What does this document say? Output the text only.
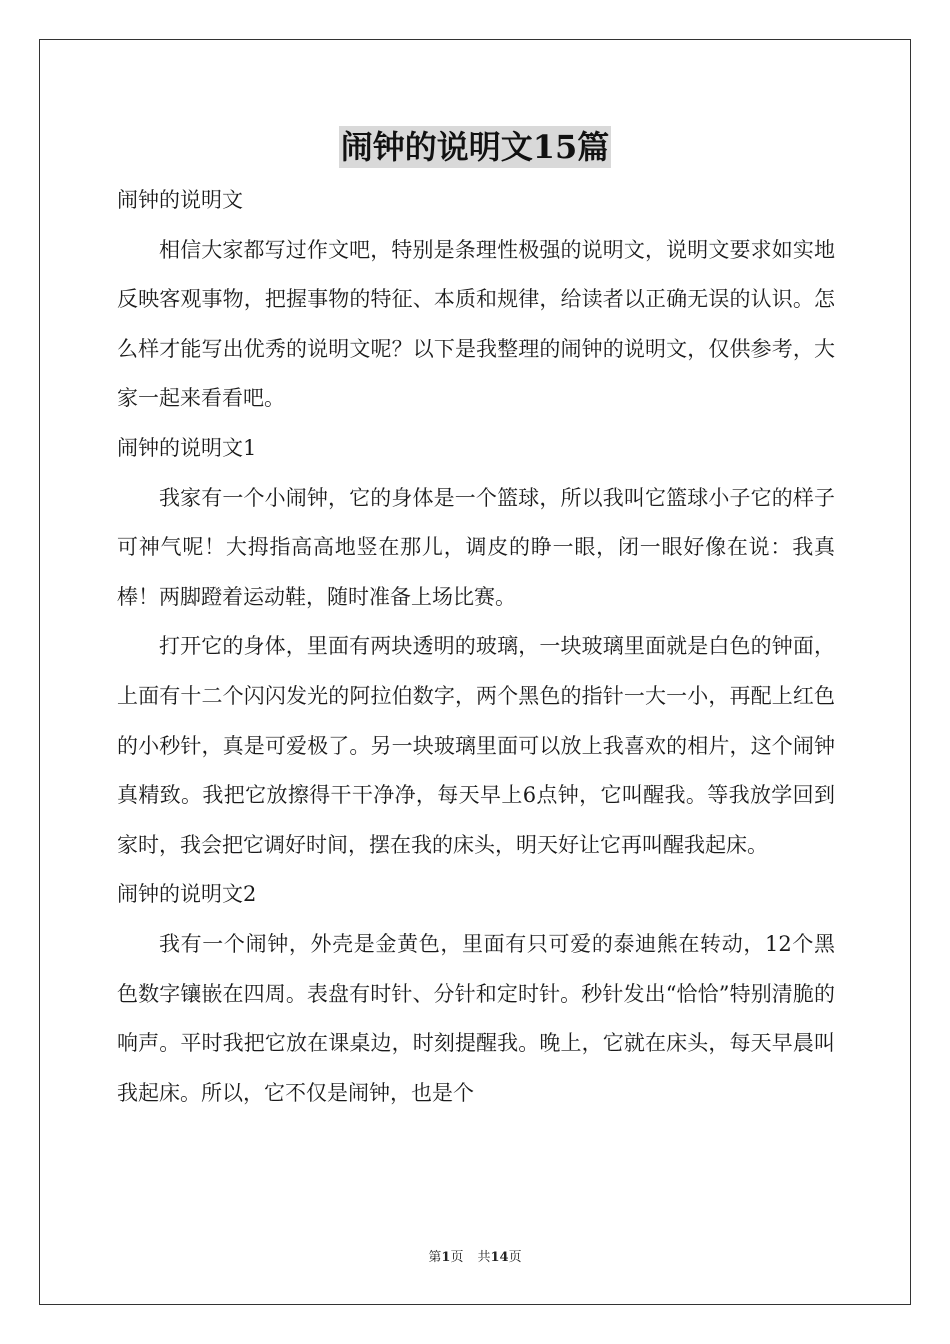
闹钟的说明文15篇

闹钟的说明文

相信大家都写过作文吧，特别是条理性极强的说明文，说明文要求如实地反映客观事物，把握事物的特征、本质和规律，给读者以正确无误的认识。怎么样才能写出优秀的说明文呢？以下是我整理的闹钟的说明文，仅供参考，大家一起来看看吧。

闹钟的说明文1

我家有一个小闹钟，它的身体是一个篮球，所以我叫它篮球小子它的样子可神气呢！大拇指高高地竖在那儿，调皮的睁一眼，闭一眼好像在说：我真棒！两脚蹬着运动鞋，随时准备上场比赛。

打开它的身体，里面有两块透明的玻璃，一块玻璃里面就是白色的钟面，上面有十二个闪闪发光的阿拉伯数字，两个黑色的指针一大一小，再配上红色的小秒针，真是可爱极了。另一块玻璃里面可以放上我喜欢的相片，这个闹钟真精致。我把它放擦得干干净净，每天早上6点钟，它叫醒我。等我放学回到家时，我会把它调好时间，摆在我的床头，明天好让它再叫醒我起床。

闹钟的说明文2

我有一个闹钟，外壳是金黄色，里面有只可爱的泰迪熊在转动，12个黑色数字镶嵌在四周。表盘有时针、分针和定时针。秒针发出“恰恰”特别清脆的响声。平时我把它放在课桌边，时刻提醒我。晚上，它就在床头，每天早晨叫我起床。所以，它不仅是闹钟，也是个

第1页 共14页
